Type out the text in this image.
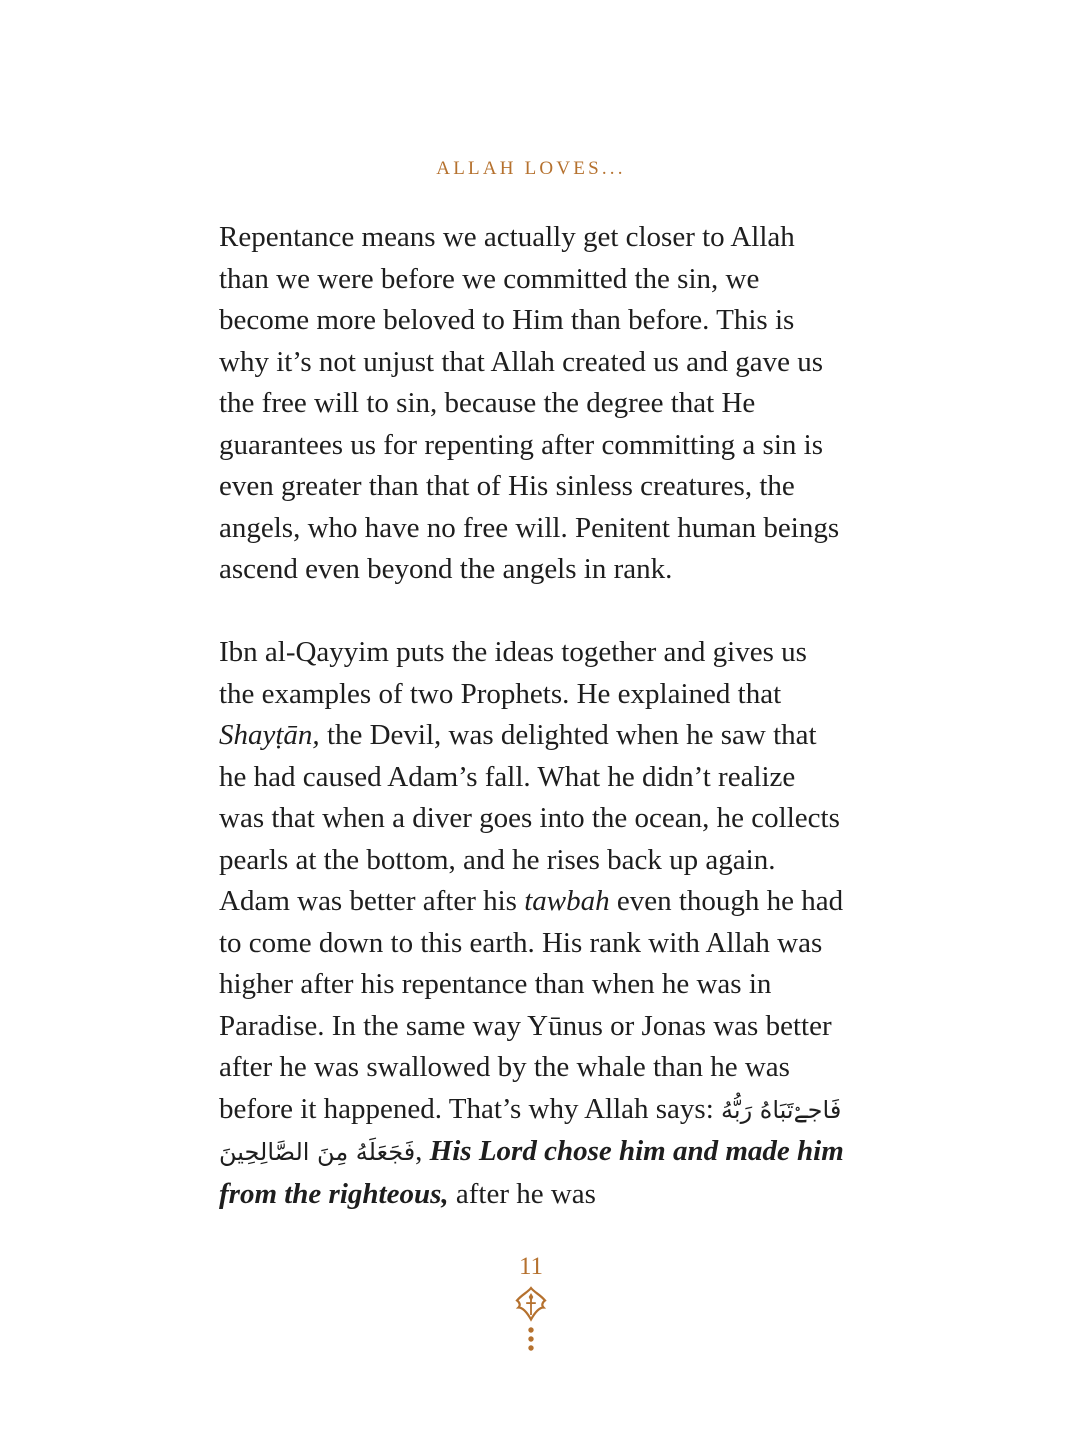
ALLAH LOVES...

Repentance means we actually get closer to Allah than we were before we committed the sin, we become more beloved to Him than before. This is why it’s not unjust that Allah created us and gave us the free will to sin, because the degree that He guarantees us for repenting after committing a sin is even greater than that of His sinless creatures, the angels, who have no free will. Penitent human beings ascend even beyond the angels in rank.

Ibn al-Qayyim puts the ideas together and gives us the examples of two Prophets. He explained that Shayṭān, the Devil, was delighted when he saw that he had caused Adam’s fall. What he didn’t realize was that when a diver goes into the ocean, he collects pearls at the bottom, and he rises back up again. Adam was better after his tawbah even though he had to come down to this earth. His rank with Allah was higher after his repentance than when he was in Paradise. In the same way Yūnus or Jonas was better after he was swallowed by the whale than he was before it happened. That’s why Allah says: فَاجےْتَبَاهُ رَبُّهُ فَجَعَلَهُ مِنَ الصَّالِحِينَ, His Lord chose him and made him from the righteous, after he was

11
